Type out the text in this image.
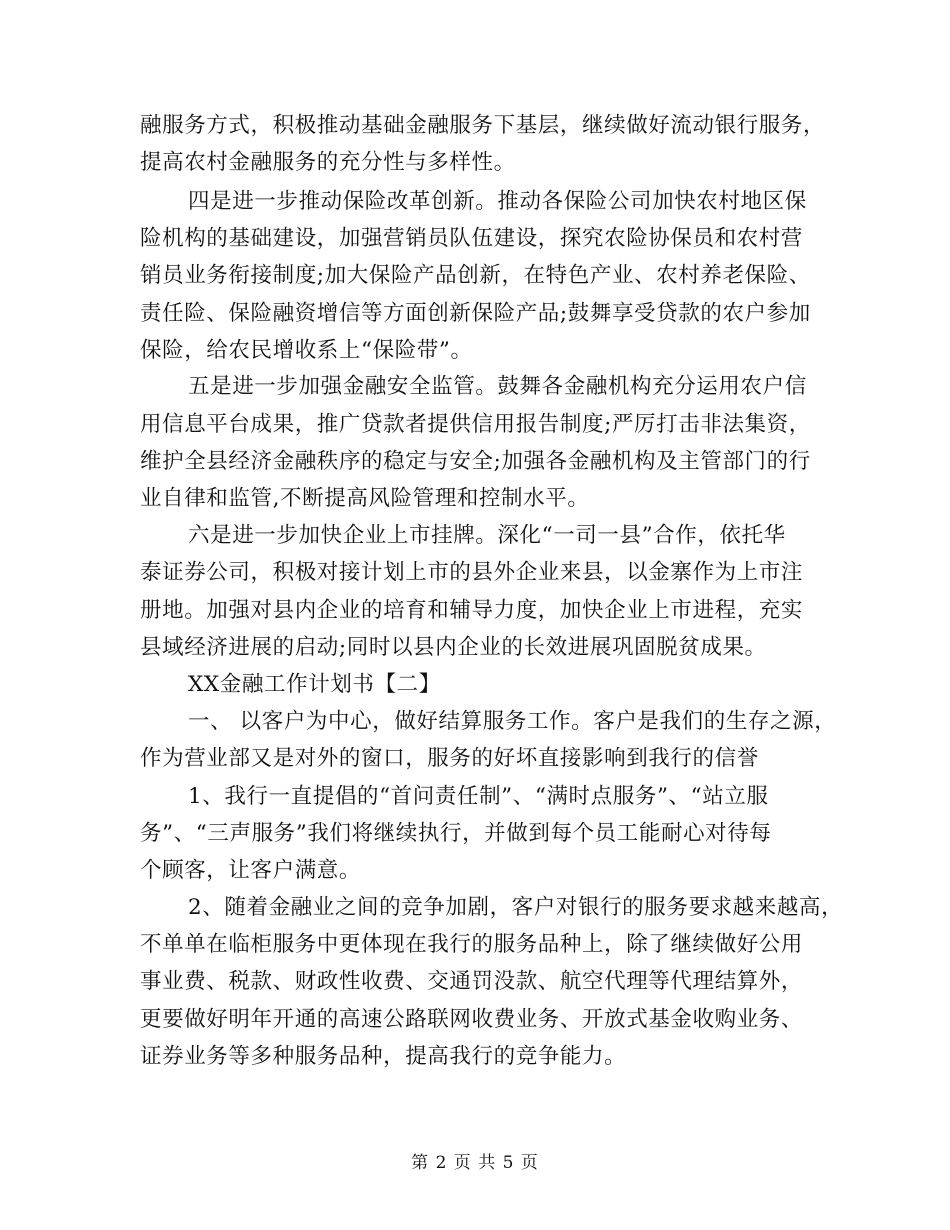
融服务方式，积极推动基础金融服务下基层，继续做好流动银行服务，
提高农村金融服务的充分性与多样性。
四是进一步推动保险改革创新。推动各保险公司加快农村地区保
险机构的基础建设，加强营销员队伍建设，探究农险协保员和农村营
销员业务衔接制度;加大保险产品创新，在特色产业、农村养老保险、
责任险、保险融资增信等方面创新保险产品;鼓舞享受贷款的农户参加
保险，给农民增收系上“保险带”。
五是进一步加强金融安全监管。鼓舞各金融机构充分运用农户信
用信息平台成果，推广贷款者提供信用报告制度;严厉打击非法集资，
维护全县经济金融秩序的稳定与安全;加强各金融机构及主管部门的行
业自律和监管,不断提高风险管理和控制水平。
六是进一步加快企业上市挂牌。深化“一司一县”合作，依托华
泰证券公司，积极对接计划上市的县外企业来县，以金寨作为上市注
册地。加强对县内企业的培育和辅导力度，加快企业上市进程，充实
县域经济进展的启动;同时以县内企业的长效进展巩固脱贫成果。
XX金融工作计划书【二】
一、 以客户为中心，做好结算服务工作。客户是我们的生存之源，
作为营业部又是对外的窗口，服务的好坏直接影响到我行的信誉
1、我行一直提倡的“首问责任制”、“满时点服务”、“站立服
务”、“三声服务”我们将继续执行，并做到每个员工能耐心对待每
个顾客，让客户满意。
2、随着金融业之间的竞争加剧，客户对银行的服务要求越来越高，
不单单在临柜服务中更体现在我行的服务品种上，除了继续做好公用
事业费、税款、财政性收费、交通罚没款、航空代理等代理结算外，
更要做好明年开通的高速公路联网收费业务、开放式基金收购业务、
证券业务等多种服务品种，提高我行的竞争能力。
第 2 页 共 5 页
